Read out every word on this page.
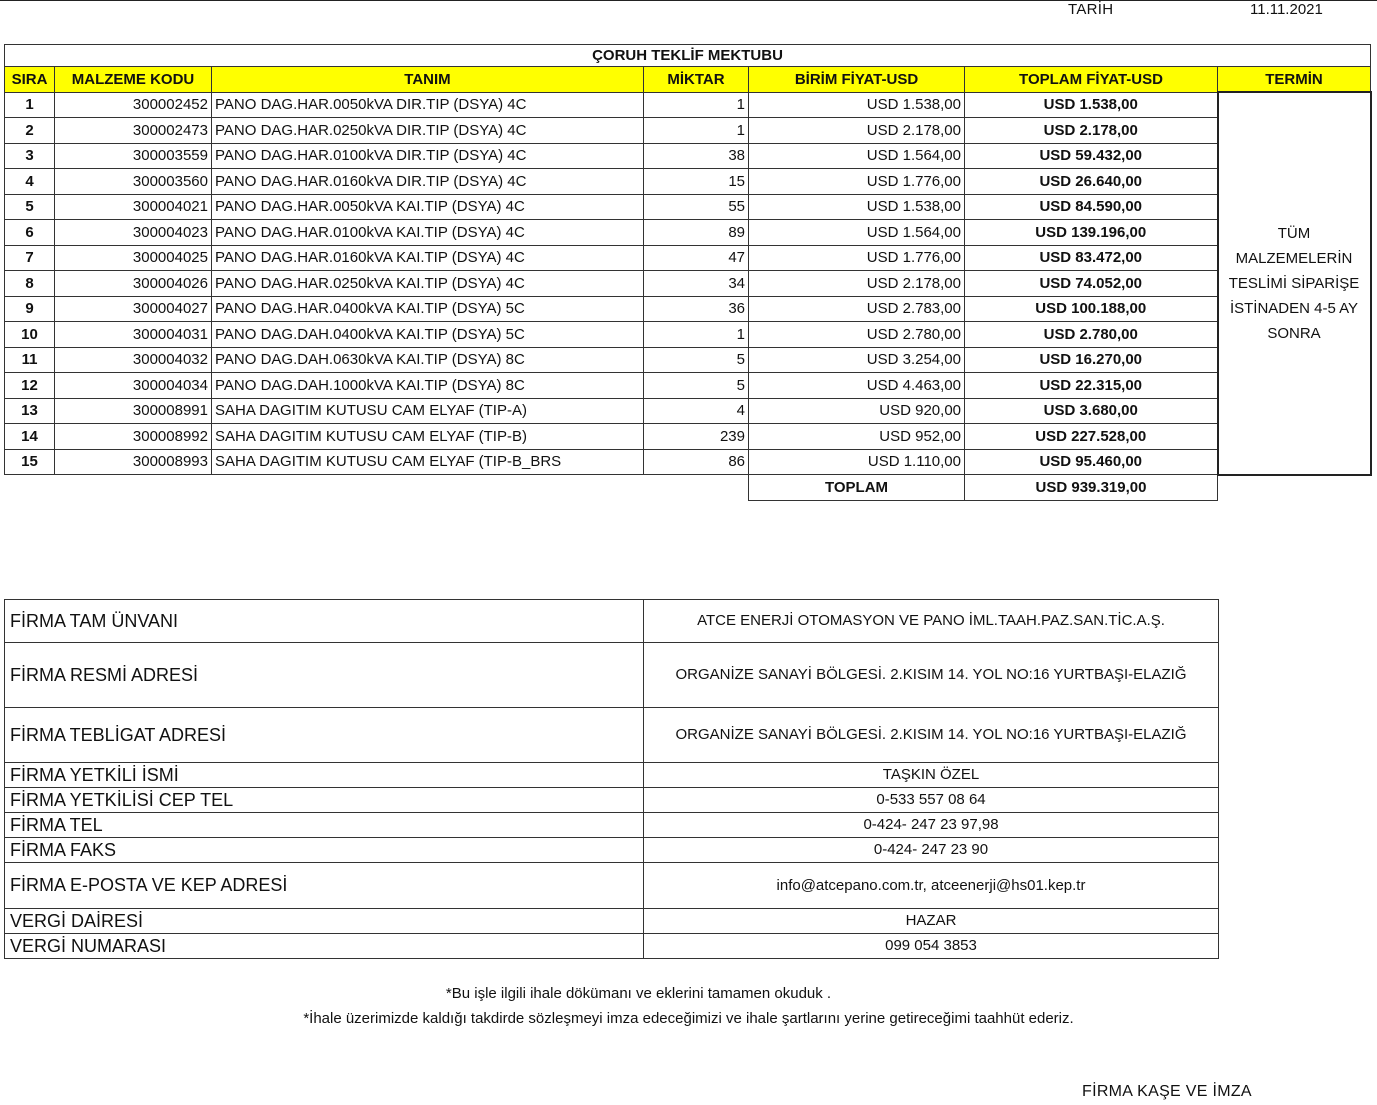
TARİH	11.11.2021
ÇORUH TEKLİF MEKTUBU						
SIRA	MALZEME KODU	TANIM	MİKTAR	BİRİM FİYAT-USD	TOPLAM FİYAT-USD	TERMİN
1	300002452	PANO DAG.HAR.0050kVA DIR.TIP (DSYA) 4C	1	USD 1.538,00	USD 1.538,00	TÜM MALZEMELERİN TESLİMİ SİPARİŞE İSTİNADEN 4-5 AY SONRA
2	300002473	PANO DAG.HAR.0250kVA DIR.TIP (DSYA) 4C	1	USD 2.178,00	USD 2.178,00	
3	300003559	PANO DAG.HAR.0100kVA DIR.TIP (DSYA) 4C	38	USD 1.564,00	USD 59.432,00	
4	300003560	PANO DAG.HAR.0160kVA DIR.TIP (DSYA) 4C	15	USD 1.776,00	USD 26.640,00	
5	300004021	PANO DAG.HAR.0050kVA KAI.TIP (DSYA) 4C	55	USD 1.538,00	USD 84.590,00	
6	300004023	PANO DAG.HAR.0100kVA KAI.TIP (DSYA) 4C	89	USD 1.564,00	USD 139.196,00	
7	300004025	PANO DAG.HAR.0160kVA KAI.TIP (DSYA) 4C	47	USD 1.776,00	USD 83.472,00	
8	300004026	PANO DAG.HAR.0250kVA KAI.TIP (DSYA) 4C	34	USD 2.178,00	USD 74.052,00	
9	300004027	PANO DAG.HAR.0400kVA KAI.TIP (DSYA) 5C	36	USD 2.783,00	USD 100.188,00	
10	300004031	PANO DAG.DAH.0400kVA KAI.TIP (DSYA) 5C	1	USD 2.780,00	USD 2.780,00	
11	300004032	PANO DAG.DAH.0630kVA KAI.TIP (DSYA) 8C	5	USD 3.254,00	USD 16.270,00	
12	300004034	PANO DAG.DAH.1000kVA KAI.TIP (DSYA) 8C	5	USD 4.463,00	USD 22.315,00	
13	300008991	SAHA DAGITIM KUTUSU CAM ELYAF (TIP-A)	4	USD 920,00	USD 3.680,00	
14	300008992	SAHA DAGITIM KUTUSU CAM ELYAF (TIP-B)	239	USD 952,00	USD 227.528,00	
15	300008993	SAHA DAGITIM KUTUSU CAM ELYAF (TIP-B_BRS	86	USD 1.110,00	USD 95.460,00	
				TOPLAM	USD 939.319,00	
FİRMA TAM ÜNVANI	ATCE ENERJİ OTOMASYON VE PANO İML.TAAH.PAZ.SAN.TİC.A.Ş.
FİRMA RESMİ ADRESİ	ORGANİZE SANAYİ BÖLGESİ. 2.KISIM 14. YOL NO:16 YURTBAŞI-ELAZIĞ
FİRMA TEBLİGAT ADRESİ	ORGANİZE SANAYİ BÖLGESİ. 2.KISIM 14. YOL NO:16 YURTBAŞI-ELAZIĞ
FİRMA YETKİLİ İSMİ	TAŞKIN ÖZEL
FİRMA YETKİLİSİ CEP TEL	0-533 557 08 64
FİRMA TEL	0-424- 247 23 97,98
FİRMA FAKS	0-424- 247 23 90
FİRMA E-POSTA VE KEP ADRESİ	info@atcepano.com.tr, atceenerji@hs01.kep.tr
VERGİ DAİRESİ	HAZAR
VERGİ NUMARASI	099 054 3853
*Bu işle ilgili ihale dökümanı ve eklerini tamamen okuduk .
*İhale üzerimizde kaldığı takdirde sözleşmeyi imza edeceğimizi ve ihale şartlarını yerine getireceğimi taahhüt ederiz.
FİRMA KAŞE VE İMZA
